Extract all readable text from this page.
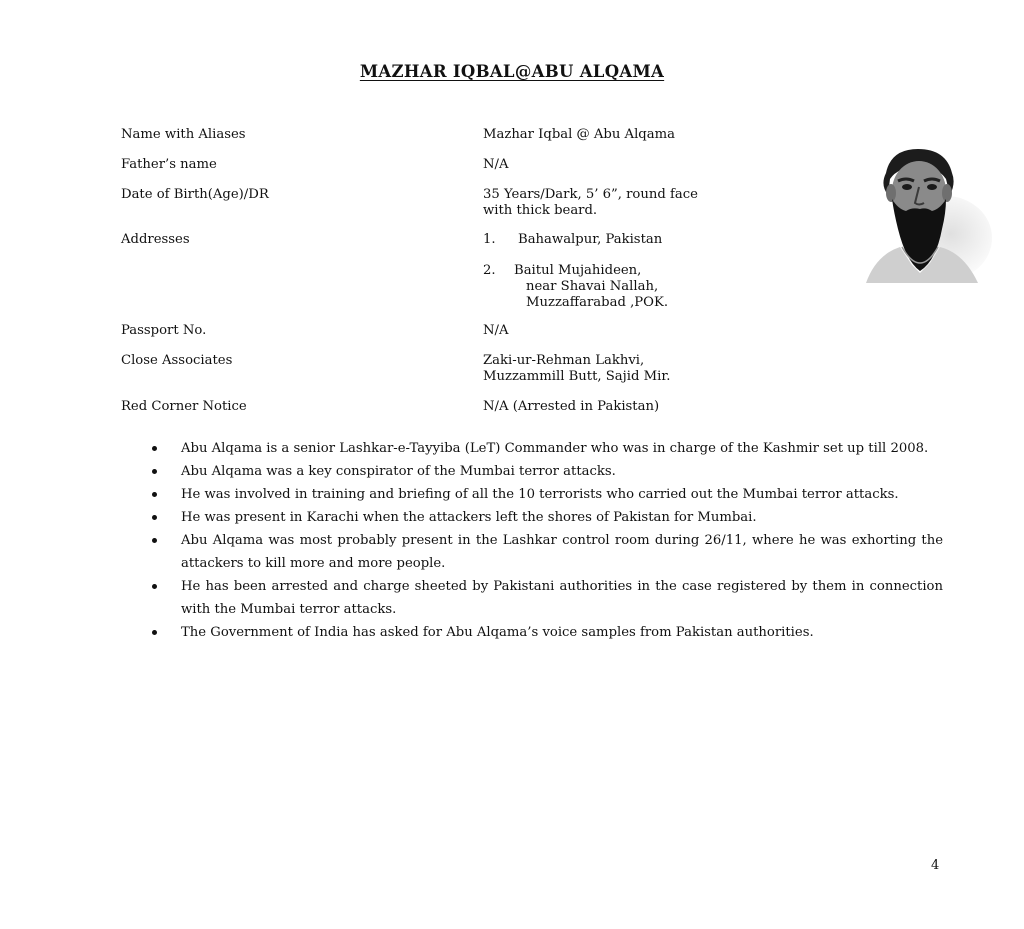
MAZHAR IQBAL@ABU ALQAMA
Name with Aliases	Mazhar Iqbal @ Abu Alqama
Father’s name	N/A
Date of Birth(Age)/DR	35 Years/Dark, 5’ 6”, round face
with thick beard.
Addresses	1.	Bahawalpur, Pakistan
2. Baitul Mujahideen,
near Shavai Nallah,
Muzzaffarabad ,POK.
Passport No.	N/A
Close Associates	Zaki-ur-Rehman Lakhvi,
Muzzammill Butt, Sajid Mir.
Red Corner Notice	N/A (Arrested in Pakistan)
Abu Alqama is a senior Lashkar-e-Tayyiba (LeT) Commander who was in charge of the Kashmir set up till 2008.
Abu Alqama was a key conspirator of the Mumbai terror attacks.
He was involved in training and briefing of all the 10 terrorists who carried out the Mumbai terror attacks.
He was present in Karachi when the attackers left the shores of Pakistan for Mumbai.
Abu Alqama was most probably present in the Lashkar control room during 26/11, where he was exhorting the attackers to kill more and more people.
He has been arrested and charge sheeted by Pakistani authorities in the case registered by them in connection with the Mumbai terror attacks.
The Government of India has asked for Abu Alqama’s voice samples from Pakistan authorities.
4
